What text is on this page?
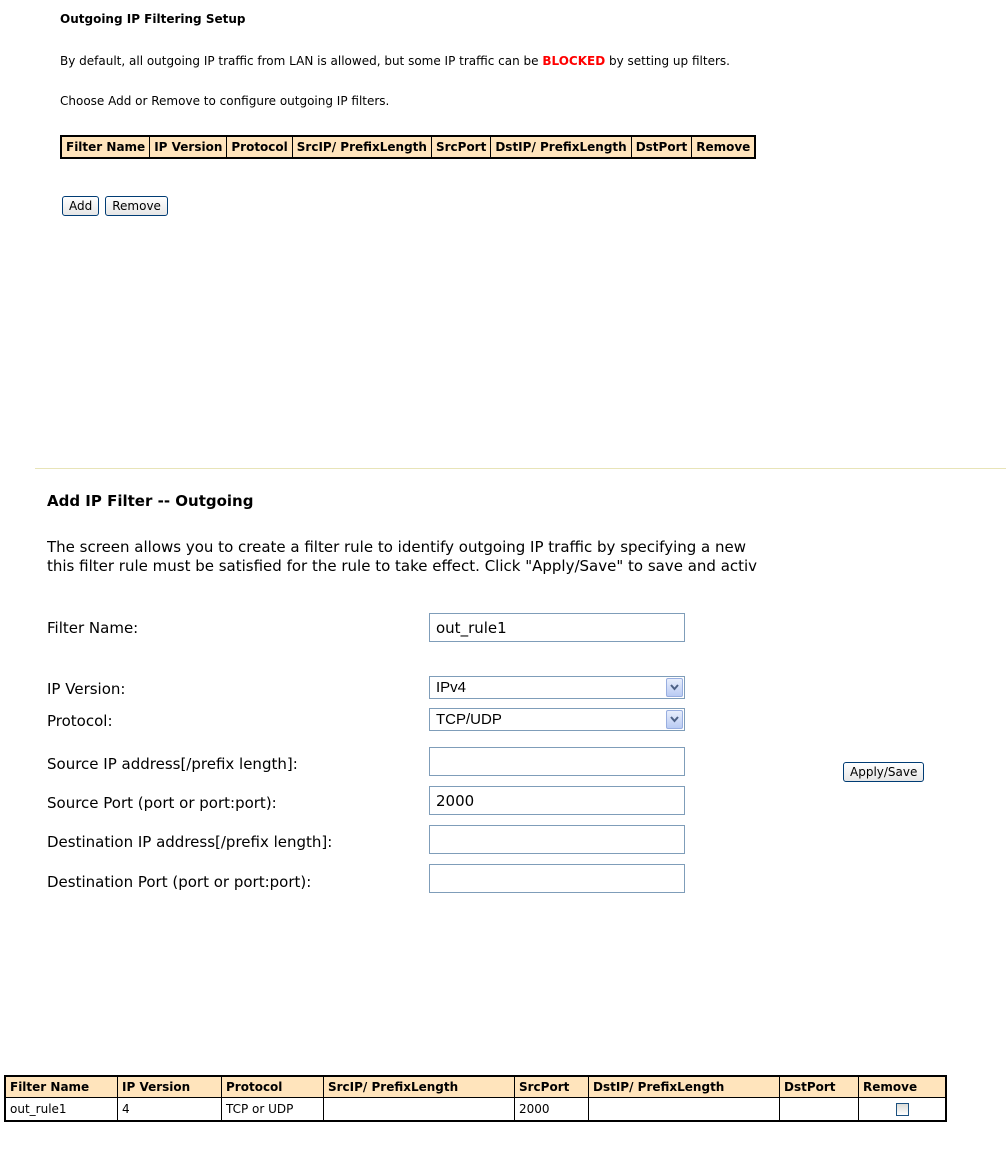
Outgoing IP Filtering Setup
By default, all outgoing IP traffic from LAN is allowed, but some IP traffic can be BLOCKED by setting up filters.
Choose Add or Remove to configure outgoing IP filters.
Filter Name	IP Version	Protocol	SrcIP/ PrefixLength	SrcPort	DstIP/ PrefixLength	DstPort	Remove
Add Remove
Add IP Filter -- Outgoing
The screen allows you to create a filter rule to identify outgoing IP traffic by specifying a new
this filter rule must be satisfied for the rule to take effect. Click "Apply/Save" to save and activ
Filter Name:
out_rule1
IP Version:	IPv4
Protocol:	TCP/UDP
Source IP address[/prefix length]:
Source Port (port or port:port):
2000
Destination IP address[/prefix length]:
Destination Port (port or port:port):
Apply/Save
Filter Name	IP Version	Protocol	SrcIP/ PrefixLength	SrcPort	DstIP/ PrefixLength	DstPort	Remove
out_rule1	4	TCP or UDP		2000			
